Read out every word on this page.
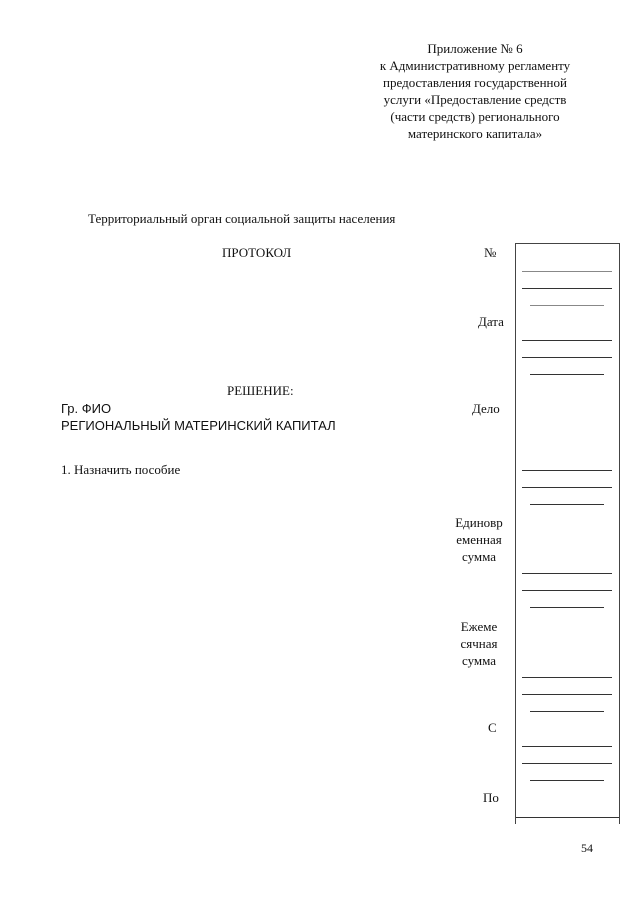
Приложение № 6
к Административному регламенту
предоставления государственной
услуги «Предоставление средств
(части средств) регионального
материнского капитала»
Территориальный орган социальной защиты населения
ПРОТОКОЛ
РЕШЕНИЕ:
Гр. ФИО
РЕГИОНАЛЬНЫЙ МАТЕРИНСКИЙ КАПИТАЛ
1. Назначить пособие
№
Дата
Дело
Единовр
еменная
сумма
Ежеме
сячная
сумма
С
По
54
